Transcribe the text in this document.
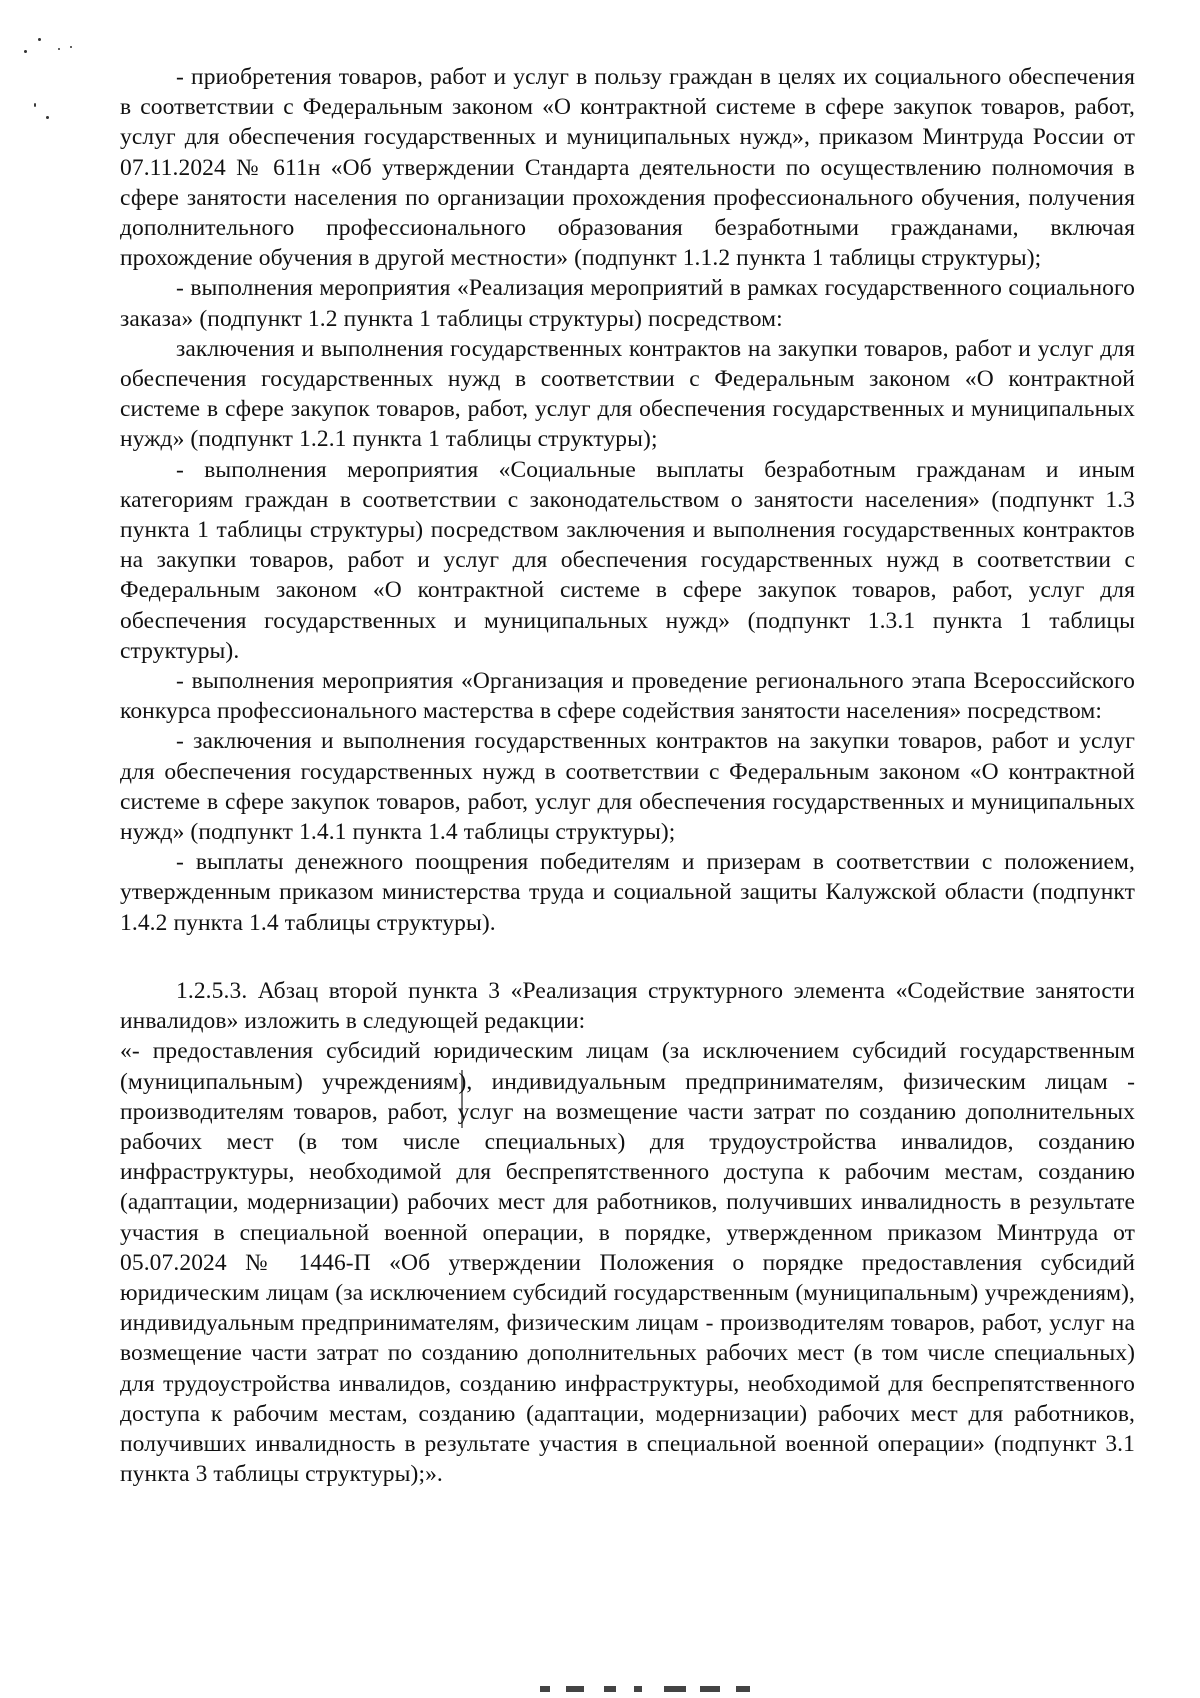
- приобретения товаров, работ и услуг в пользу граждан в целях их социального обеспечения в соответствии с Федеральным законом «О контрактной системе в сфере закупок товаров, работ, услуг для обеспечения государственных и муниципальных нужд», приказом Минтруда России от 07.11.2024 № 611н «Об утверждении Стандарта деятельности по осуществлению полномочия в сфере занятости населения по организации прохождения профессионального обучения, получения дополнительного профессионального образования безработными гражданами, включая прохождение обучения в другой местности» (подпункт 1.1.2 пункта 1 таблицы структуры);

- выполнения мероприятия «Реализация мероприятий в рамках государственного социального заказа» (подпункт 1.2 пункта 1 таблицы структуры) посредством:

заключения и выполнения государственных контрактов на закупки товаров, работ и услуг для обеспечения государственных нужд в соответствии с Федеральным законом «О контрактной системе в сфере закупок товаров, работ, услуг для обеспечения государственных и муниципальных нужд» (подпункт 1.2.1 пункта 1 таблицы структуры);

- выполнения мероприятия «Социальные выплаты безработным гражданам и иным категориям граждан в соответствии с законодательством о занятости населения» (подпункт 1.3 пункта 1 таблицы структуры) посредством заключения и выполнения государственных контрактов на закупки товаров, работ и услуг для обеспечения государственных нужд в соответствии с Федеральным законом «О контрактной системе в сфере закупок товаров, работ, услуг для обеспечения государственных и муниципальных нужд» (подпункт 1.3.1 пункта 1 таблицы структуры).

- выполнения мероприятия «Организация и проведение регионального этапа Всероссийского конкурса профессионального мастерства в сфере содействия занятости населения» посредством:

- заключения и выполнения государственных контрактов на закупки товаров, работ и услуг для обеспечения государственных нужд в соответствии с Федеральным законом «О контрактной системе в сфере закупок товаров, работ, услуг для обеспечения государственных и муниципальных нужд» (подпункт 1.4.1 пункта 1.4 таблицы структуры);

- выплаты денежного поощрения победителям и призерам в соответствии с положением, утвержденным приказом министерства труда и социальной защиты Калужской области (подпункт 1.4.2 пункта 1.4 таблицы структуры).

1.2.5.3. Абзац второй пункта 3 «Реализация структурного элемента «Содействие занятости инвалидов» изложить в следующей редакции:

«- предоставления субсидий юридическим лицам (за исключением субсидий государственным (муниципальным) учреждениям), индивидуальным предпринимателям, физическим лицам - производителям товаров, работ, услуг на возмещение части затрат по созданию дополнительных рабочих мест (в том числе специальных) для трудоустройства инвалидов, созданию инфраструктуры, необходимой для беспрепятственного доступа к рабочим местам, созданию (адаптации, модернизации) рабочих мест для работников, получивших инвалидность в результате участия в специальной военной операции, в порядке, утвержденном приказом Минтруда от 05.07.2024 № 1446-П «Об утверждении Положения о порядке предоставления субсидий юридическим лицам (за исключением субсидий государственным (муниципальным) учреждениям), индивидуальным предпринимателям, физическим лицам - производителям товаров, работ, услуг на возмещение части затрат по созданию дополнительных рабочих мест (в том числе специальных) для трудоустройства инвалидов, созданию инфраструктуры, необходимой для беспрепятственного доступа к рабочим местам, созданию (адаптации, модернизации) рабочих мест для работников, получивших инвалидность в результате участия в специальной военной операции» (подпункт 3.1 пункта 3 таблицы структуры);».
